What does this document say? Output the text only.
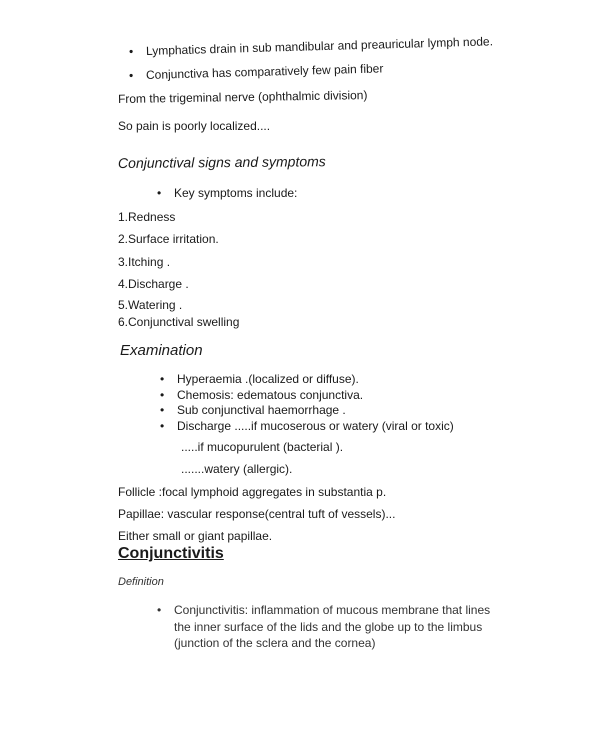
• Lymphatics drain in sub mandibular and preauricular lymph node.
• Conjunctiva has comparatively few pain fiber
From the trigeminal nerve (ophthalmic division)
So pain is poorly localized....
Conjunctival signs and symptoms
• Key symptoms include:
1.Redness
2.Surface irritation.
3.Itching .
4.Discharge .
5.Watering .
6.Conjunctival swelling
Examination
• Hyperaemia .(localized or diffuse).
• Chemosis: edematous conjunctiva.
• Sub conjunctival haemorrhage .
• Discharge .....if mucoserous or watery (viral or toxic)
.....if mucopurulent (bacterial ).
.......watery (allergic).
Follicle :focal lymphoid aggregates in substantia p.
Papillae: vascular response(central tuft of vessels)...
Either small or giant papillae.
Conjunctivitis
Definition
• Conjunctivitis: inflammation of mucous membrane that lines
the inner surface of the lids and the globe up to the limbus
(junction of the sclera and the cornea)
